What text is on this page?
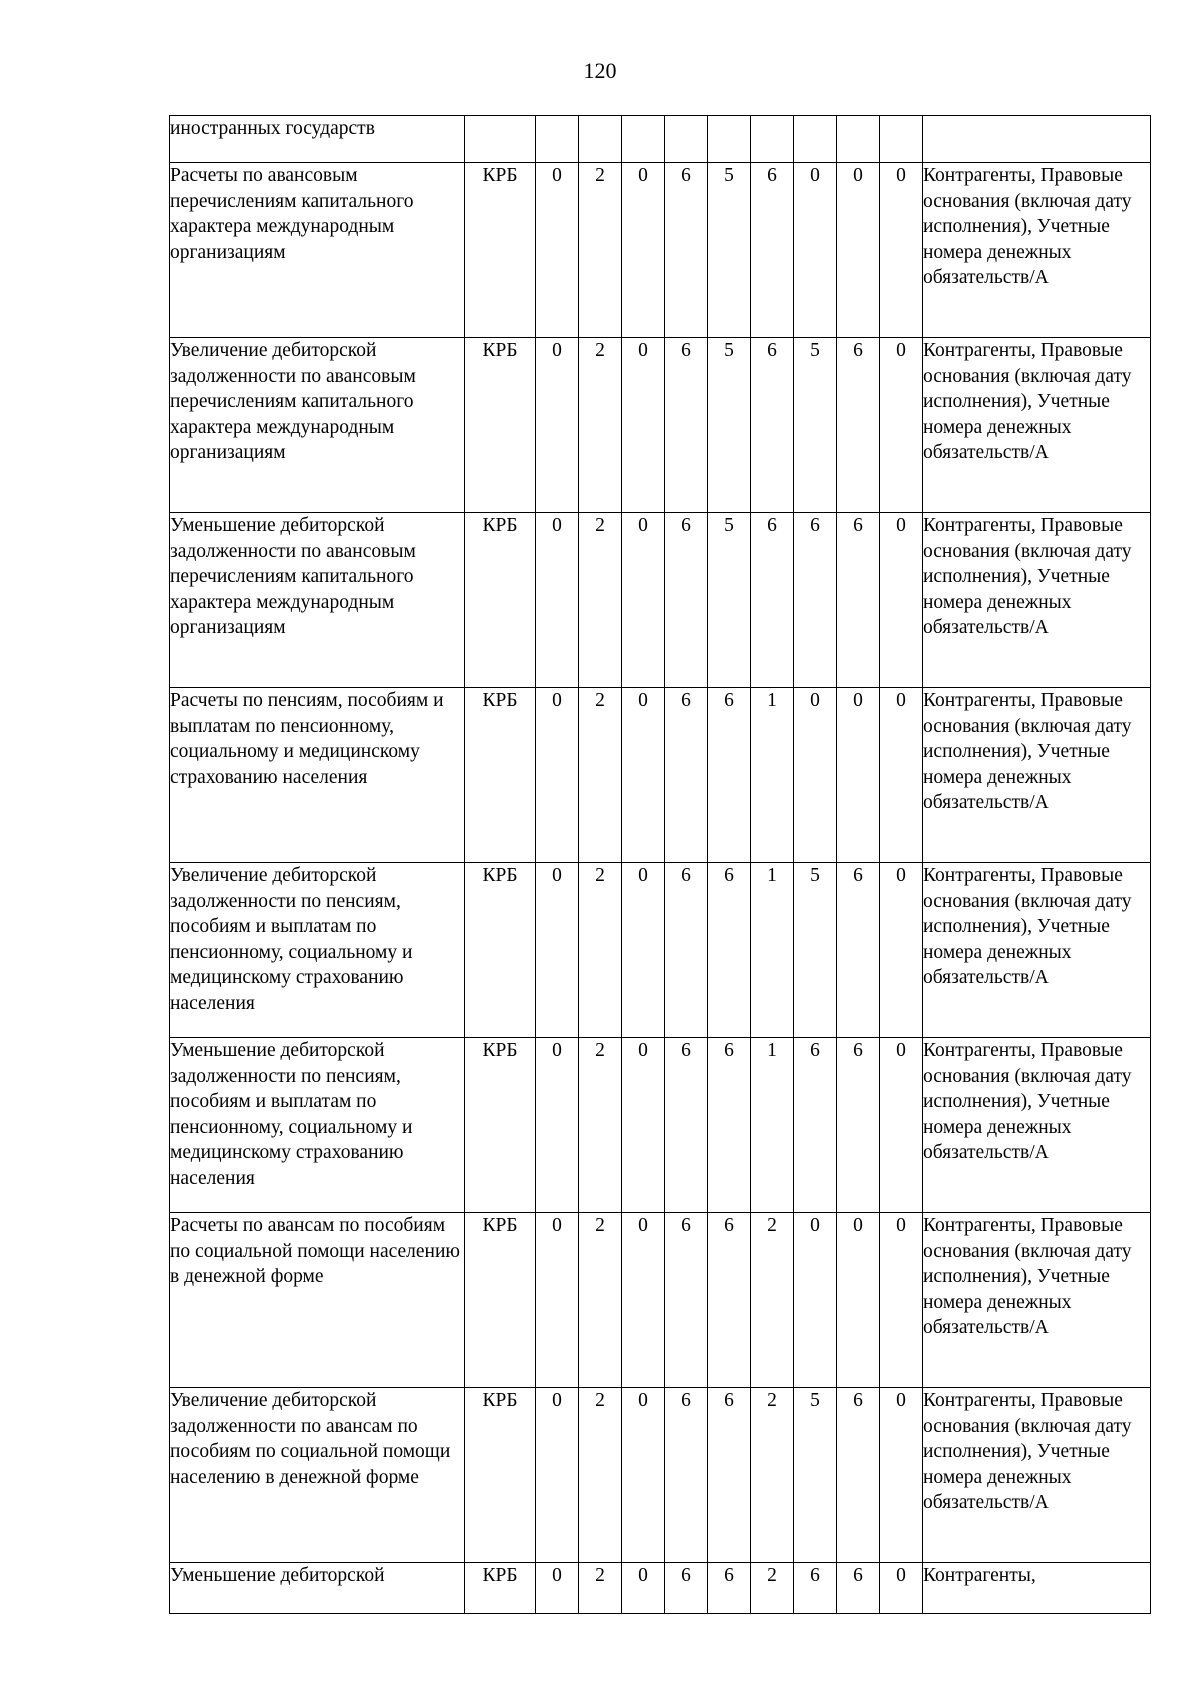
120
иностранных государств											
Расчеты по авансовым перечислениям капитального характера международным организациям	КРБ	0	2	0	6	5	6	0	0	0	Контрагенты, Правовые основания (включая дату исполнения), Учетные номера денежных обязательств/А
Увеличение дебиторской задолженности по авансовым перечислениям капитального характера международным организациям	КРБ	0	2	0	6	5	6	5	6	0	Контрагенты, Правовые основания (включая дату исполнения), Учетные номера денежных обязательств/А
Уменьшение дебиторской задолженности по авансовым перечислениям капитального характера международным организациям	КРБ	0	2	0	6	5	6	6	6	0	Контрагенты, Правовые основания (включая дату исполнения), Учетные номера денежных обязательств/А
Расчеты по пенсиям, пособиям и выплатам по пенсионному, социальному и медицинскому страхованию населения	КРБ	0	2	0	6	6	1	0	0	0	Контрагенты, Правовые основания (включая дату исполнения), Учетные номера денежных обязательств/А
Увеличение дебиторской задолженности по пенсиям, пособиям и выплатам по пенсионному, социальному и медицинскому страхованию населения	КРБ	0	2	0	6	6	1	5	6	0	Контрагенты, Правовые основания (включая дату исполнения), Учетные номера денежных обязательств/А
Уменьшение дебиторской задолженности по пенсиям, пособиям и выплатам по пенсионному, социальному и медицинскому страхованию населения	КРБ	0	2	0	6	6	1	6	6	0	Контрагенты, Правовые основания (включая дату исполнения), Учетные номера денежных обязательств/А
Расчеты по авансам по пособиям по социальной помощи населению в денежной форме	КРБ	0	2	0	6	6	2	0	0	0	Контрагенты, Правовые основания (включая дату исполнения), Учетные номера денежных обязательств/А
Увеличение дебиторской задолженности по авансам по пособиям по социальной помощи населению в денежной форме	КРБ	0	2	0	6	6	2	5	6	0	Контрагенты, Правовые основания (включая дату исполнения), Учетные номера денежных обязательств/А
Уменьшение дебиторской	КРБ	0	2	0	6	6	2	6	6	0	Контрагенты,
